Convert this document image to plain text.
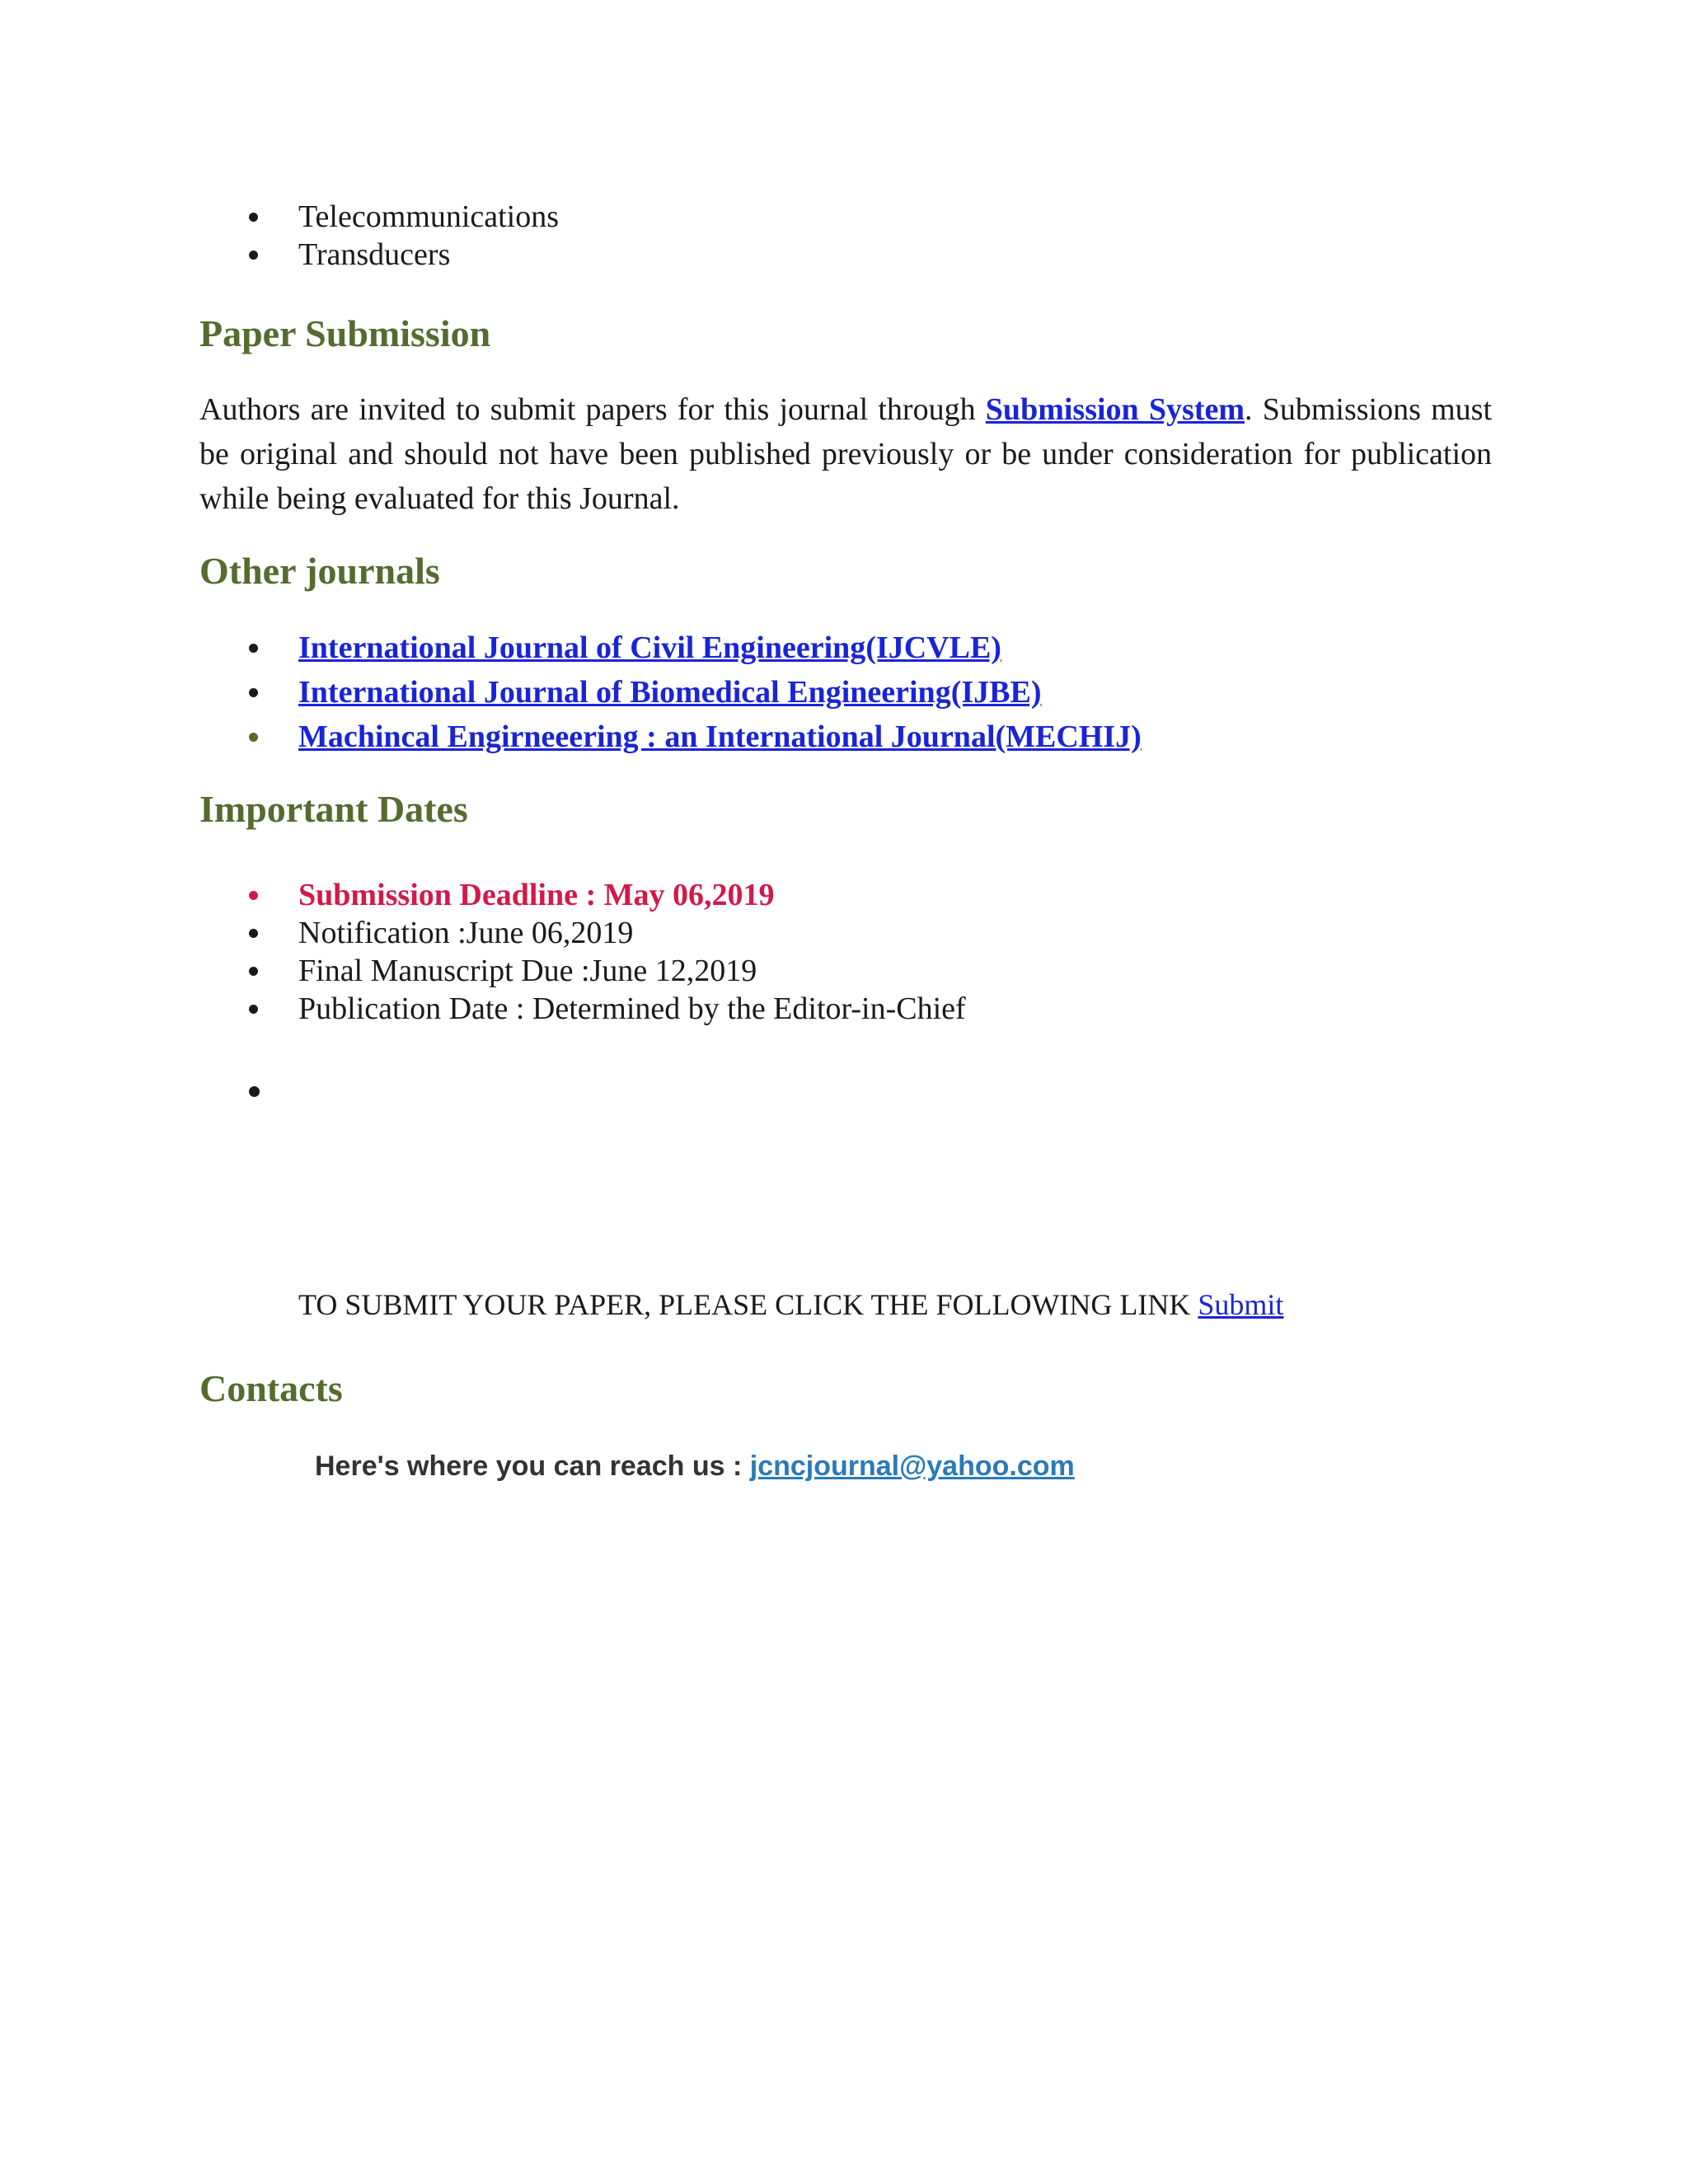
Telecommunications
Transducers
Paper Submission
Authors are invited to submit papers for this journal through Submission System. Submissions must be original and should not have been published previously or be under consideration for publication while being evaluated for this Journal.
Other journals
International Journal of Civil Engineering(IJCVLE)
International Journal of Biomedical Engineering(IJBE)
Machincal Engirneeering : an International Journal(MECHIJ)
Important Dates
Submission Deadline : May 06,2019
Notification :June 06,2019
Final Manuscript Due :June 12,2019
Publication Date : Determined by the Editor-in-Chief
TO SUBMIT YOUR PAPER, PLEASE CLICK THE FOLLOWING LINK Submit
Contacts
Here's where you can reach us : jcncjournal@yahoo.com
